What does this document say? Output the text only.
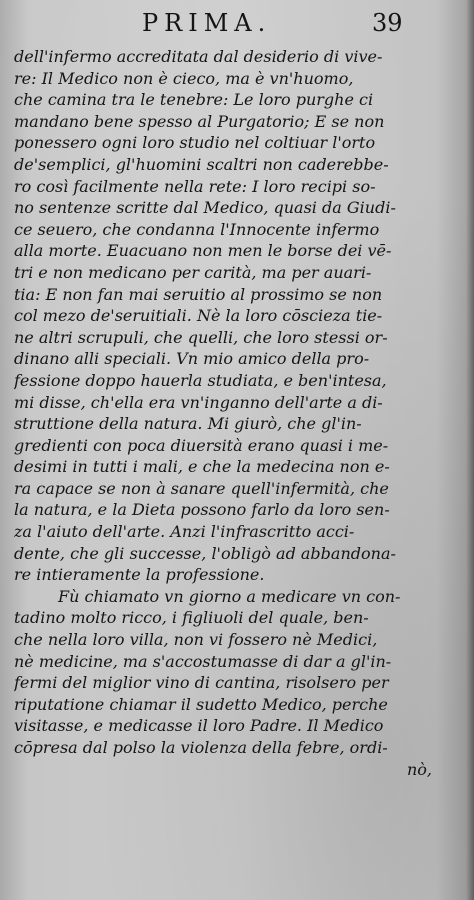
PRIMA.	39
dell'infermo accreditata dal desiderio di vive-
re: Il Medico non è cieco, ma è vn'huomo,
che camina tra le tenebre: Le loro purghe ci
mandano bene spesso al Purgatorio; E se non
ponessero ogni loro studio nel coltiuar l'orto
de'semplici, gl'huomini scaltri non caderebbe-
ro così facilmente nella rete: I loro recipi so-
no sentenze scritte dal Medico, quasi da Giudi-
ce seuero, che condanna l'Innocente infermo
alla morte. Euacuano non men le borse dei vē-
tri e non medicano per carità, ma per auari-
tia: E non fan mai seruitio al prossimo se non
col mezo de'seruitiali. Nè la loro cōscieza tie-
ne altri scrupuli, che quelli, che loro stessi or-
dinano alli speciali. Vn mio amico della pro-
fessione doppo hauerla studiata, e ben'intesa,
mi disse, ch'ella era vn'inganno dell'arte a di-
struttione della natura. Mi giurò, che gl'in-
gredienti con poca diuersità erano quasi i me-
desimi in tutti i mali, e che la medecina non e-
ra capace se non à sanare quell'infermità, che
la natura, e la Dieta possono farlo da loro sen-
za l'aiuto dell'arte. Anzi l'infrascritto acci-
dente, che gli successe, l'obligò ad abbandona-
re intieramente la professione.
Fù chiamato vn giorno a medicare vn con-
tadino molto ricco, i figliuoli del quale, ben-
che nella loro villa, non vi fossero nè Medici,
nè medicine, ma s'accostumasse di dar a gl'in-
fermi del miglior vino di cantina, risolsero per
riputatione chiamar il sudetto Medico, perche
visitasse, e medicasse il loro Padre. Il Medico
cōpresa dal polso la violenza della febre, ordi-
nò,
